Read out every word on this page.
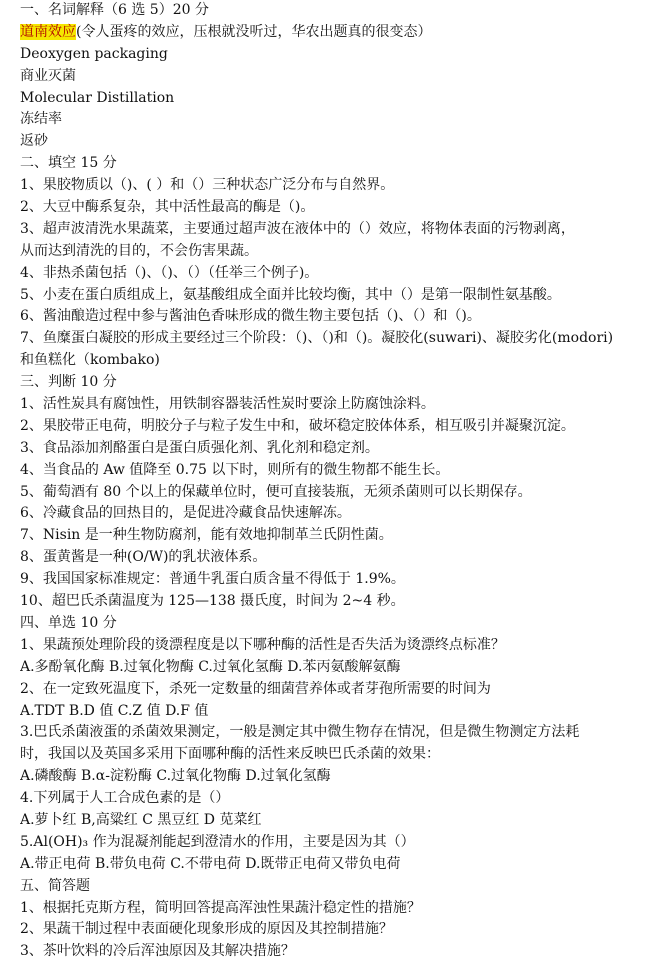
一、名词解释（6 选 5）20 分
道南效应(令人蛋疼的效应，压根就没听过，华农出题真的很变态）
Deoxygen packaging
商业灭菌
Molecular Distillation
冻结率
返砂
二、填空 15 分
1、果胶物质以（)、( ）和（）三种状态广泛分布与自然界。
2、大豆中酶系复杂，其中活性最高的酶是（)。
3、超声波清洗水果蔬菜，主要通过超声波在液体中的（）效应，将物体表面的污物剥离，
从而达到清洗的目的，不会伤害果蔬。
4、非热杀菌包括（)、（)、（）（任举三个例子)。
5、小麦在蛋白质组成上，氨基酸组成全面并比较均衡，其中（）是第一限制性氨基酸。
6、酱油酿造过程中参与酱油色香味形成的微生物主要包括（)、（）和（)。
7、鱼糜蛋白凝胶的形成主要经过三个阶段：（)、（)和（)。凝胶化(suwari)、凝胶劣化(modori)
和鱼糕化（kombako)
三、判断 10 分
1、活性炭具有腐蚀性，用铁制容器装活性炭时要涂上防腐蚀涂料。
2、果胶带正电荷，明胶分子与粒子发生中和，破坏稳定胶体体系，相互吸引并凝聚沉淀。
3、食品添加剂酪蛋白是蛋白质强化剂、乳化剂和稳定剂。
4、当食品的 Aw 值降至 0.75 以下时，则所有的微生物都不能生长。
5、葡萄酒有 80 个以上的保藏单位时，便可直接装瓶，无须杀菌则可以长期保存。
6、冷藏食品的回热目的，是促进冷藏食品快速解冻。
7、Nisin 是一种生物防腐剂，能有效地抑制革兰氏阴性菌。
8、蛋黄酱是一种(O/W)的乳状液体系。
9、我国国家标准规定：普通牛乳蛋白质含量不得低于 1.9%。
10、超巴氏杀菌温度为 125—138 摄氏度，时间为 2~4 秒。
四、单选 10 分
1、果蔬预处理阶段的烫漂程度是以下哪种酶的活性是否失活为烫漂终点标准？
A.多酚氧化酶 B.过氧化物酶 C.过氧化氢酶 D.苯丙氨酸解氨酶
2、在一定致死温度下，杀死一定数量的细菌营养体或者芽孢所需要的时间为
A.TDT B.D 值 C.Z 值 D.F 值
3.巴氏杀菌液蛋的杀菌效果测定，一般是测定其中微生物存在情况，但是微生物测定方法耗
时，我国以及英国多采用下面哪种酶的活性来反映巴氏杀菌的效果：
A.磷酸酶 B.α-淀粉酶 C.过氧化物酶 D.过氧化氢酶
4.下列属于人工合成色素的是（）
A.萝卜红 B,高粱红 C 黑豆红 D 苋菜红
5.Al(OH)₃ 作为混凝剂能起到澄清水的作用，主要是因为其（）
A.带正电荷 B.带负电荷 C.不带电荷 D.既带正电荷又带负电荷
五、简答题
1、根据托克斯方程，简明回答提高浑浊性果蔬汁稳定性的措施？
2、果蔬干制过程中表面硬化现象形成的原因及其控制措施？
3、茶叶饮料的冷后浑浊原因及其解决措施？
